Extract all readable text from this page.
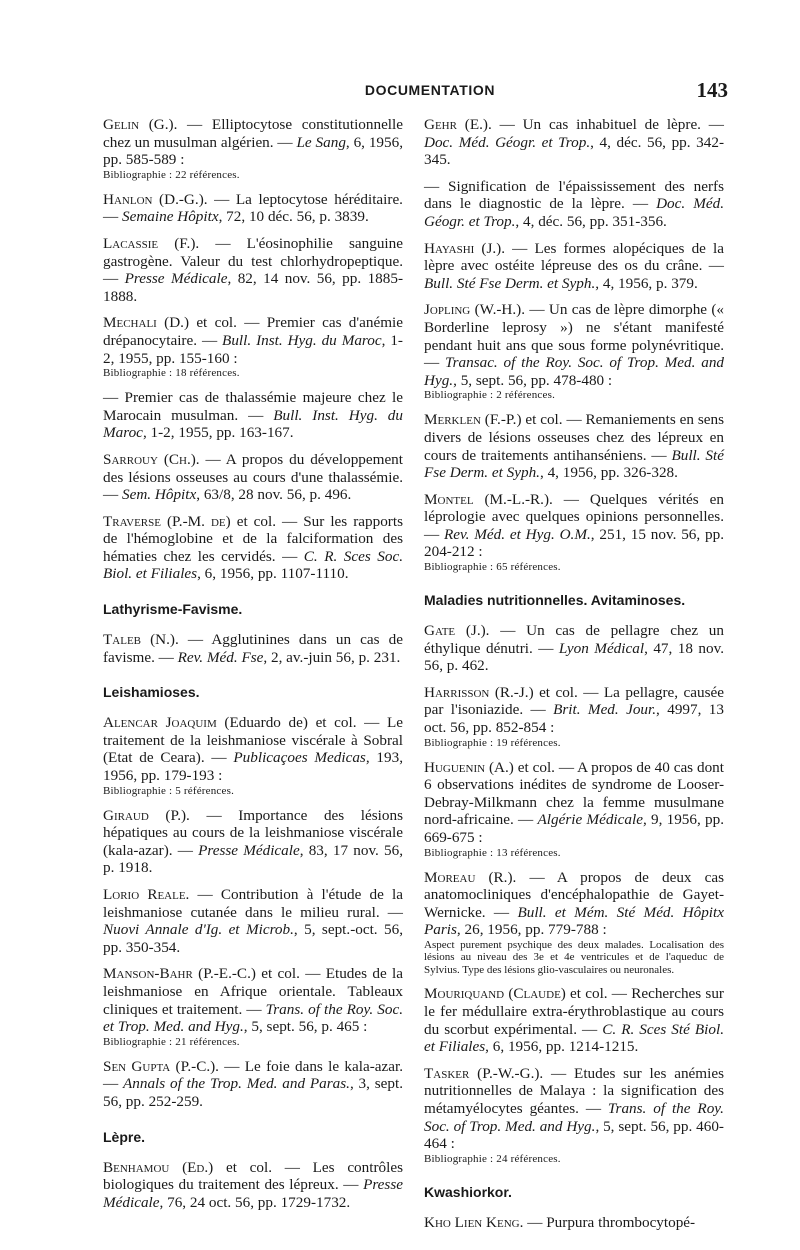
DOCUMENTATION	143
Gelin (G.). — Elliptocytose constitutionnelle chez un musulman algérien. — Le Sang, 6, 1956, pp. 585-589 :
Bibliographie : 22 références.
Hanlon (D.-G.). — La leptocytose héréditaire. — Semaine Hôpitx, 72, 10 déc. 56, p. 3839.
Lacassie (F.). — L'éosinophilie sanguine gastrogène. Valeur du test chlorhydropeptique. — Presse Médicale, 82, 14 nov. 56, pp. 1885-1888.
Mechali (D.) et col. — Premier cas d'anémie drépanocytaire. — Bull. Inst. Hyg. du Maroc, 1-2, 1955, pp. 155-160 :
Bibliographie : 18 références.
— Premier cas de thalassémie majeure chez le Marocain musulman. — Bull. Inst. Hyg. du Maroc, 1-2, 1955, pp. 163-167.
Sarrouy (Ch.). — A propos du développement des lésions osseuses au cours d'une thalassémie. — Sem. Hôpitx, 63/8, 28 nov. 56, p. 496.
Traverse (P.-M. de) et col. — Sur les rapports de l'hémoglobine et de la falciformation des hématies chez les cervidés. — C. R. Sces Soc. Biol. et Filiales, 6, 1956, pp. 1107-1110.
Lathyrisme-Favisme.
Taleb (N.). — Agglutinines dans un cas de favisme. — Rev. Méd. Fse, 2, av.-juin 56, p. 231.
Leishamioses.
Alencar Joaquim (Eduardo de) et col. — Le traitement de la leishmaniose viscérale à Sobral (Etat de Ceara). — Publicaçoes Medicas, 193, 1956, pp. 179-193 :
Bibliographie : 5 références.
Giraud (P.). — Importance des lésions hépatiques au cours de la leishmaniose viscérale (kala-azar). — Presse Médicale, 83, 17 nov. 56, p. 1918.
Lorio Reale. — Contribution à l'étude de la leishmaniose cutanée dans le milieu rural. — Nuovi Annale d'Ig. et Microb., 5, sept.-oct. 56, pp. 350-354.
Manson-Bahr (P.-E.-C.) et col. — Etudes de la leishmaniose en Afrique orientale. Tableaux cliniques et traitement. — Trans. of the Roy. Soc. et Trop. Med. and Hyg., 5, sept. 56, p. 465 :
Bibliographie : 21 références.
Sen Gupta (P.-C.). — Le foie dans le kala-azar. — Annals of the Trop. Med. and Paras., 3, sept. 56, pp. 252-259.
Lèpre.
Benhamou (Ed.) et col. — Les contrôles biologiques du traitement des lépreux. — Presse Médicale, 76, 24 oct. 56, pp. 1729-1732.
Gehr (E.). — Un cas inhabituel de lèpre. — Doc. Méd. Géogr. et Trop., 4, déc. 56, pp. 342-345.
— Signification de l'épaississement des nerfs dans le diagnostic de la lèpre. — Doc. Méd. Géogr. et Trop., 4, déc. 56, pp. 351-356.
Hayashi (J.). — Les formes alopéciques de la lèpre avec ostéite lépreuse des os du crâne. — Bull. Sté Fse Derm. et Syph., 4, 1956, p. 379.
Jopling (W.-H.). — Un cas de lèpre dimorphe (« Borderline leprosy ») ne s'étant manifesté pendant huit ans que sous forme polynévritique. — Transac. of the Roy. Soc. of Trop. Med. and Hyg., 5, sept. 56, pp. 478-480 :
Bibliographie : 2 références.
Merklen (F.-P.) et col. — Remaniements en sens divers de lésions osseuses chez des lépreux en cours de traitements antihanséniens. — Bull. Sté Fse Derm. et Syph., 4, 1956, pp. 326-328.
Montel (M.-L.-R.). — Quelques vérités en léprologie avec quelques opinions personnelles. — Rev. Méd. et Hyg. O.M., 251, 15 nov. 56, pp. 204-212 :
Bibliographie : 65 références.
Maladies nutritionnelles. Avitaminoses.
Gate (J.). — Un cas de pellagre chez un éthylique dénutri. — Lyon Médical, 47, 18 nov. 56, p. 462.
Harrisson (R.-J.) et col. — La pellagre, causée par l'isoniazide. — Brit. Med. Jour., 4997, 13 oct. 56, pp. 852-854 :
Bibliographie : 19 références.
Huguenin (A.) et col. — A propos de 40 cas dont 6 observations inédites de syndrome de Looser-Debray-Milkmann chez la femme musulmane nord-africaine. — Algérie Médicale, 9, 1956, pp. 669-675 :
Bibliographie : 13 références.
Moreau (R.). — A propos de deux cas anatomocliniques d'encéphalopathie de Gayet-Wernicke. — Bull. et Mém. Sté Méd. Hôpitx Paris, 26, 1956, pp. 779-788 :
Aspect purement psychique des deux malades. Localisation des lésions au niveau des 3e et 4e ventricules et de l'aqueduc de Sylvius. Type des lésions glio-vasculaires ou neuronales.
Mouriquand (Claude) et col. — Recherches sur le fer médullaire extra-érythroblastique au cours du scorbut expérimental. — C. R. Sces Sté Biol. et Filiales, 6, 1956, pp. 1214-1215.
Tasker (P.-W.-G.). — Etudes sur les anémies nutritionnelles de Malaya : la signification des métamyélocytes géantes. — Trans. of the Roy. Soc. of Trop. Med. and Hyg., 5, sept. 56, pp. 460-464 :
Bibliographie : 24 références.
Kwashiorkor.
Kho Lien Keng. — Purpura thrombocytopé-
